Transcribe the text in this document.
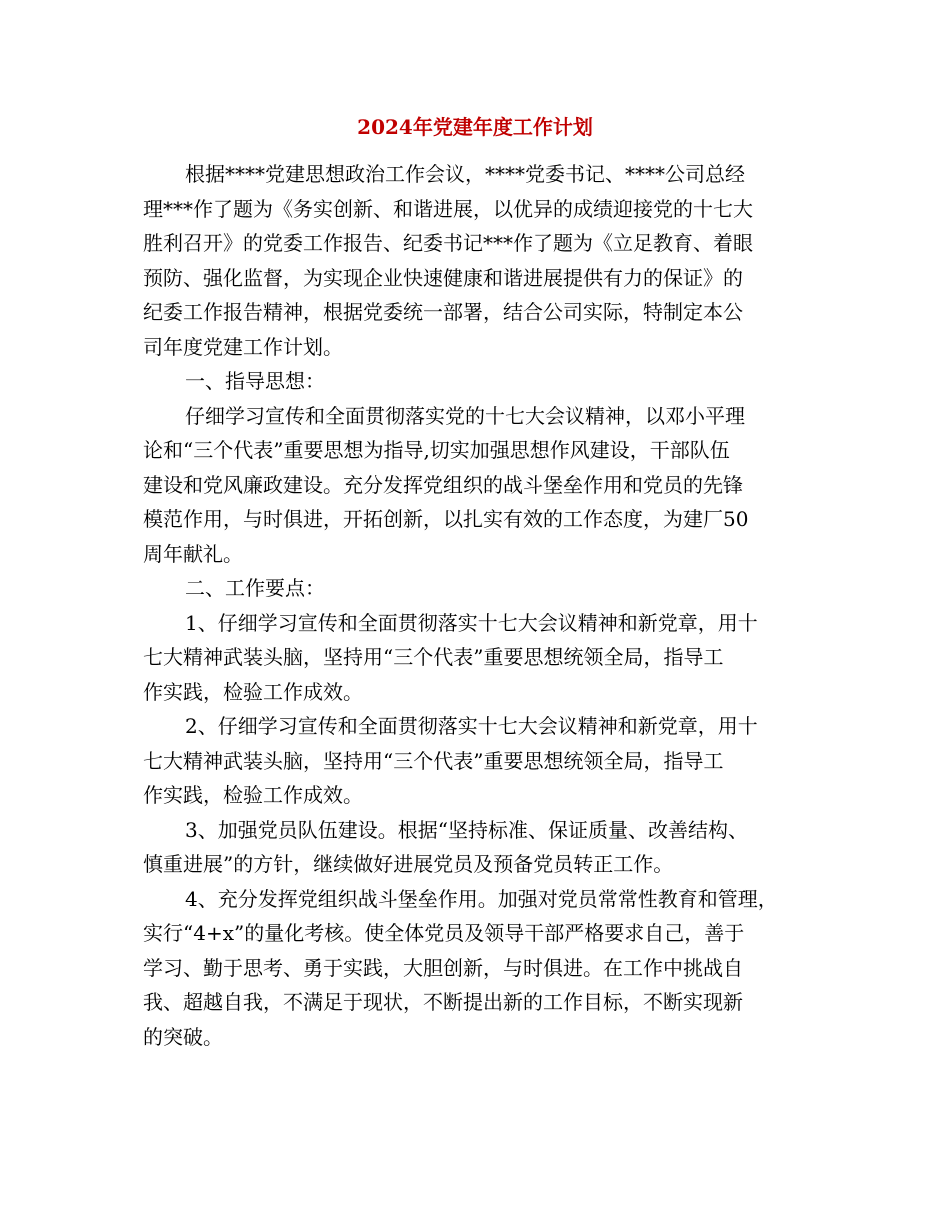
2024年党建年度工作计划

根据****党建思想政治工作会议，****党委书记、****公司总经
理***作了题为《务实创新、和谐进展，以优异的成绩迎接党的十七大
胜利召开》的党委工作报告、纪委书记***作了题为《立足教育、着眼
预防、强化监督，为实现企业快速健康和谐进展提供有力的保证》的
纪委工作报告精神，根据党委统一部署，结合公司实际，特制定本公
司年度党建工作计划。

一、指导思想：

仔细学习宣传和全面贯彻落实党的十七大会议精神，以邓小平理
论和“三个代表”重要思想为指导,切实加强思想作风建设，干部队伍
建设和党风廉政建设。充分发挥党组织的战斗堡垒作用和党员的先锋
模范作用，与时俱进，开拓创新，以扎实有效的工作态度，为建厂50
周年献礼。

二、工作要点：

1、仔细学习宣传和全面贯彻落实十七大会议精神和新党章，用十
七大精神武装头脑，坚持用“三个代表”重要思想统领全局，指导工
作实践，检验工作成效。

2、仔细学习宣传和全面贯彻落实十七大会议精神和新党章，用十
七大精神武装头脑，坚持用“三个代表”重要思想统领全局，指导工
作实践，检验工作成效。

3、加强党员队伍建设。根据“坚持标准、保证质量、改善结构、
慎重进展”的方针，继续做好进展党员及预备党员转正工作。

4、充分发挥党组织战斗堡垒作用。加强对党员常常性教育和管理，
实行“4+x”的量化考核。使全体党员及领导干部严格要求自己，善于
学习、勤于思考、勇于实践，大胆创新，与时俱进。在工作中挑战自
我、超越自我，不满足于现状，不断提出新的工作目标，不断实现新
的突破。
